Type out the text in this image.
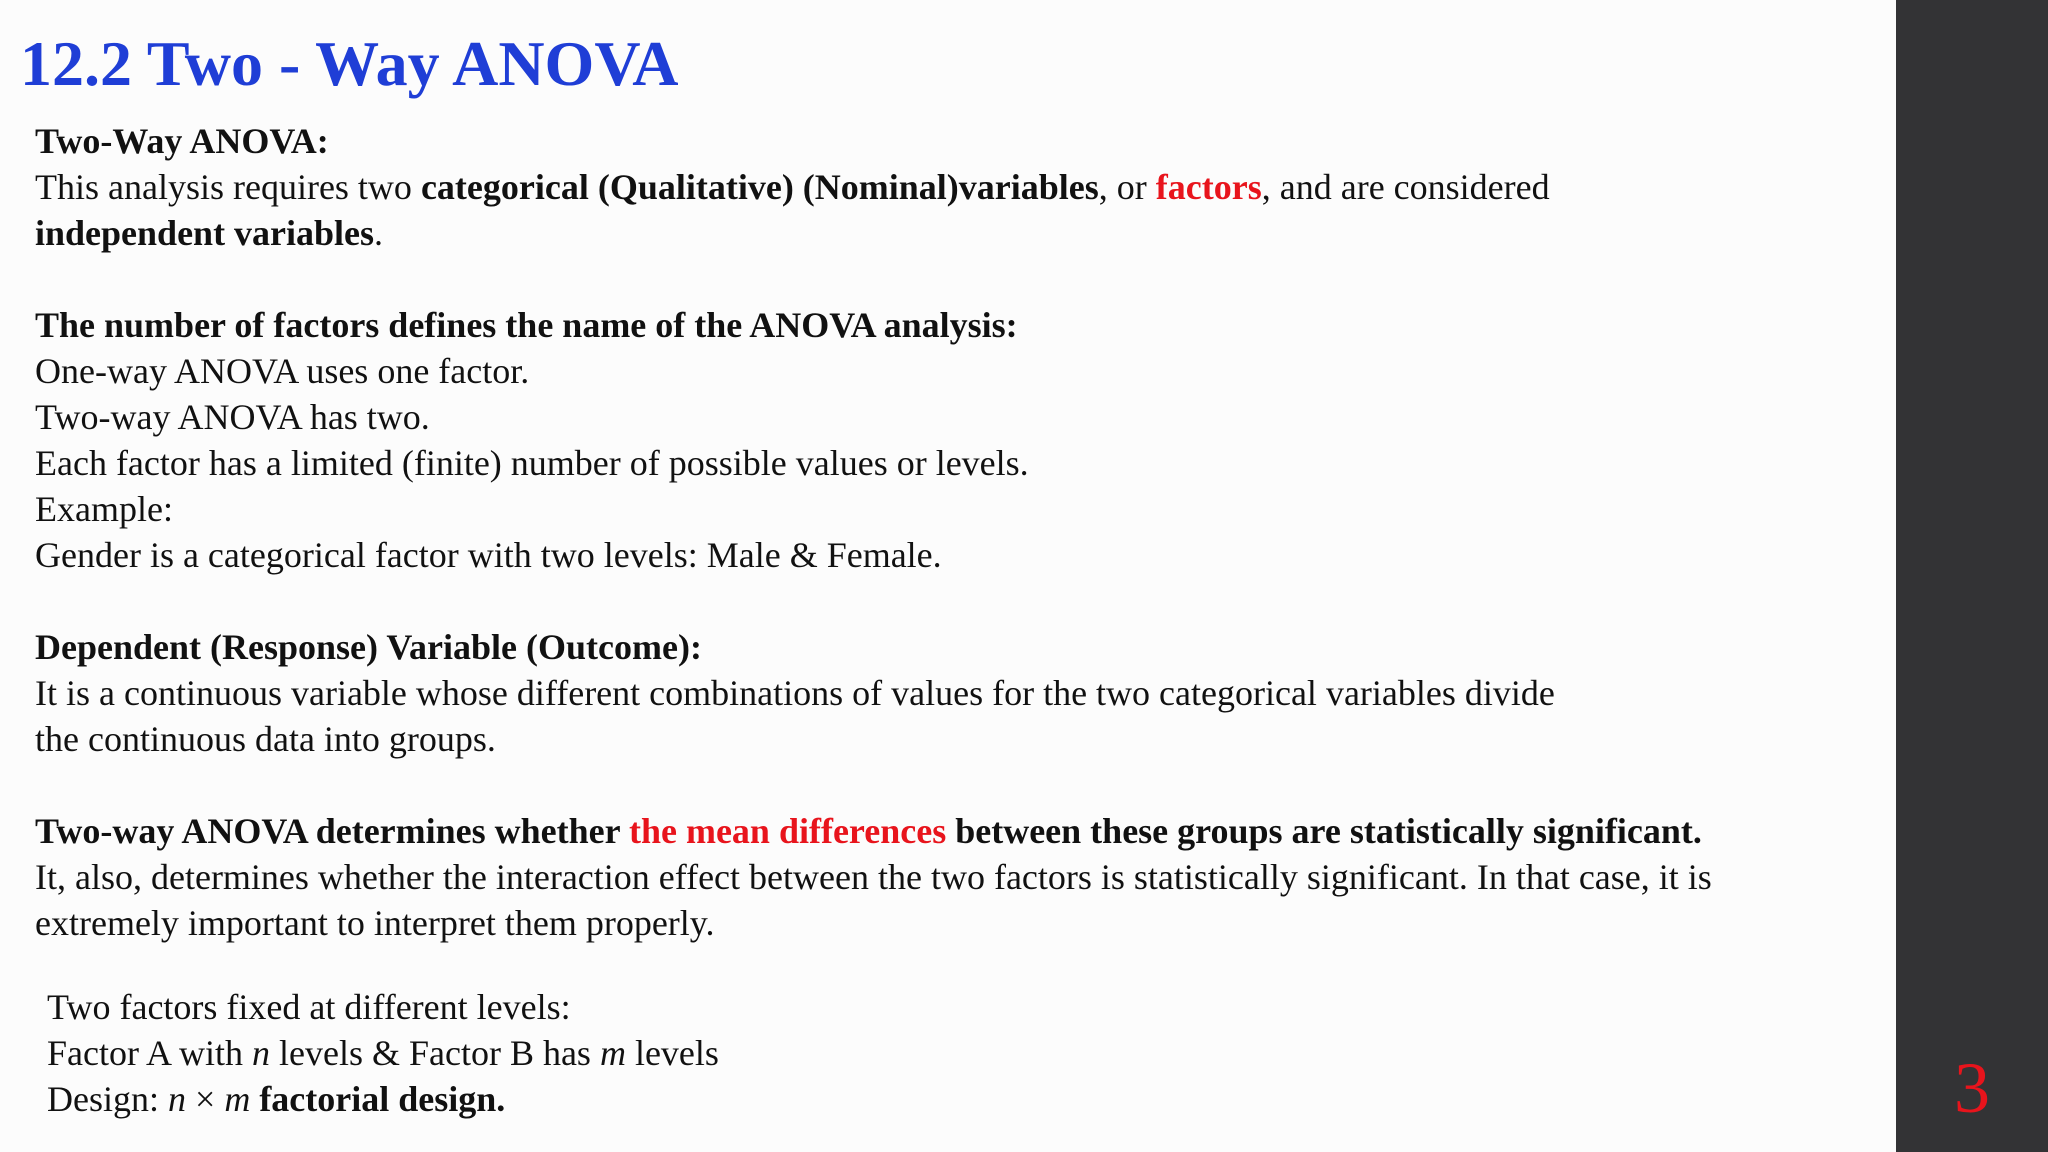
3
12.2 Two - Way ANOVA

Two-Way ANOVA:

This analysis requires two categorical (Qualitative) (Nominal)variables, or factors, and are considered

independent variables.

The number of factors defines the name of the ANOVA analysis:

One-way ANOVA uses one factor.

Two-way ANOVA has two.

Each factor has a limited (finite) number of possible values or levels.

Example:

Gender is a categorical factor with two levels: Male & Female.

Dependent (Response) Variable (Outcome):

It is a continuous variable whose different combinations of values for the two categorical variables divide

the continuous data into groups.

Two-way ANOVA determines whether the mean differences between these groups are statistically significant.

It, also, determines whether the interaction effect between the two factors is statistically significant. In that case, it is

extremely important to interpret them properly.

Two factors fixed at different levels:

Factor A with n levels & Factor B has m levels

Design: n × m factorial design.
